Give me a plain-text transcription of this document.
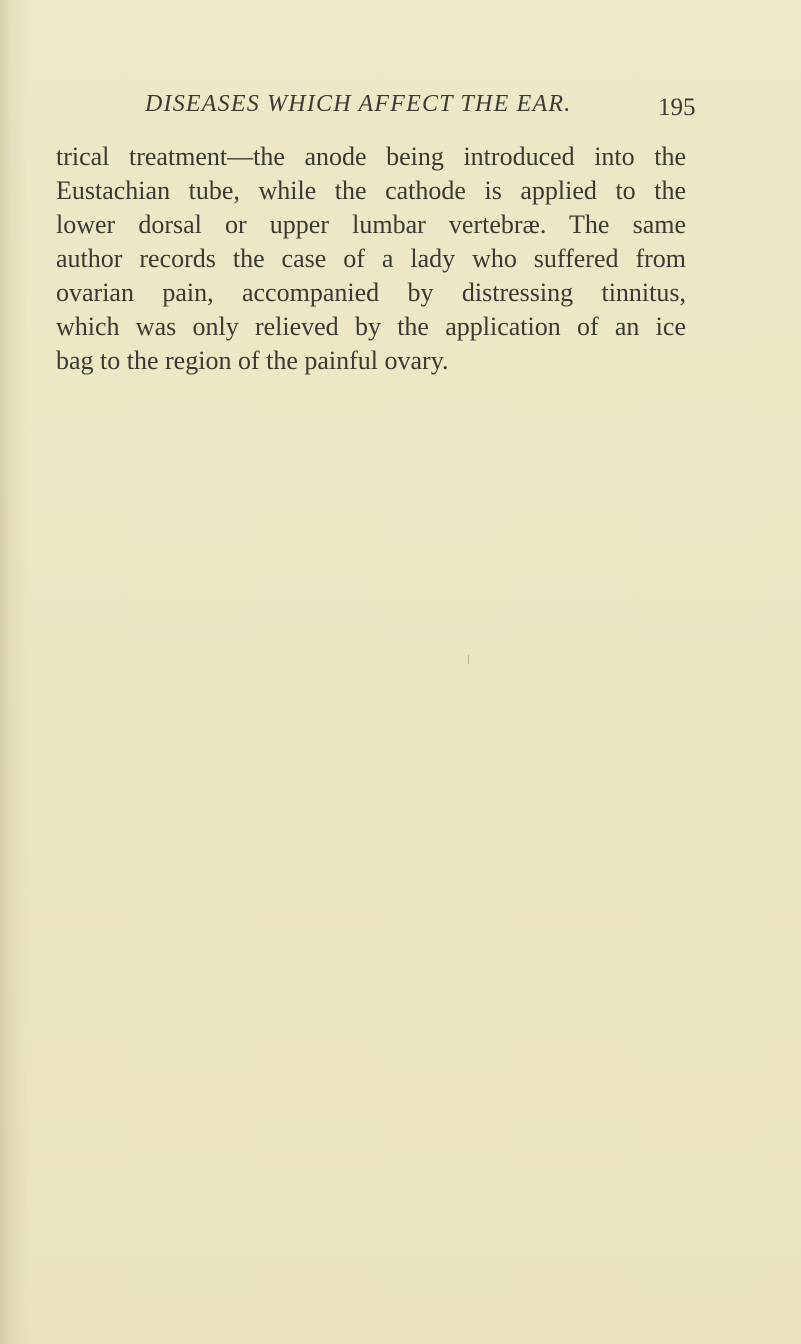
DISEASES WHICH AFFECT THE EAR.	195
trical treatment—the anode being introduced into the
Eustachian tube, while the cathode is applied to the
lower dorsal or upper lumbar vertebræ. The same
author records the case of a lady who suffered from
ovarian pain, accompanied by distressing tinnitus,
which was only relieved by the application of an ice
bag to the region of the painful ovary.
